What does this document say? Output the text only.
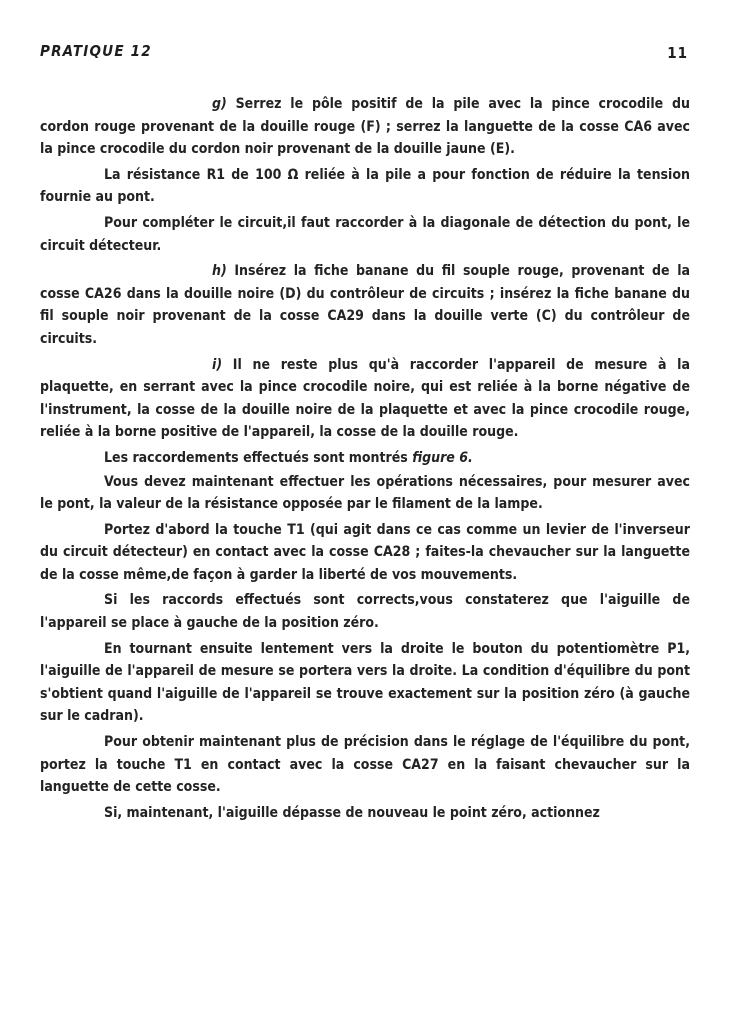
PRATIQUE 12	11

g) Serrez le pôle positif de la pile avec la pince crocodile du cordon rouge provenant de la douille rouge (F) ; serrez la languette de la cosse CA6 avec la pince crocodile du cordon noir provenant de la douille jaune (E).

La résistance R1 de 100 Ω reliée à la pile a pour fonction de réduire la tension fournie au pont.

Pour compléter le circuit,il faut raccorder à la diagonale de détection du pont, le circuit détecteur.

h) Insérez la fiche banane du fil souple rouge, provenant de la cosse CA26 dans la douille noire (D) du contrôleur de circuits ; insérez la fiche banane du fil souple noir provenant de la cosse CA29 dans la douille verte (C) du contrôleur de circuits.

i) Il ne reste plus qu'à raccorder l'appareil de mesure à la plaquette, en serrant avec la pince crocodile noire, qui est reliée à la borne négative de l'instrument, la cosse de la douille noire de la plaquette et avec la pince crocodile rouge, reliée à la borne positive de l'appareil, la cosse de la douille rouge.

Les raccordements effectués sont montrés figure 6.

Vous devez maintenant effectuer les opérations nécessaires, pour mesurer avec le pont, la valeur de la résistance opposée par le filament de la lampe.

Portez d'abord la touche T1 (qui agit dans ce cas comme un levier de l'inverseur du circuit détecteur) en contact avec la cosse CA28 ; faites-la chevaucher sur la languette de la cosse même,de façon à garder la liberté de vos mouvements.

Si les raccords effectués sont corrects,vous constaterez que l'aiguille de l'appareil se place à gauche de la position zéro.

En tournant ensuite lentement vers la droite le bouton du potentiomètre P1, l'aiguille de l'appareil de mesure se portera vers la droite. La condition d'équilibre du pont s'obtient quand l'aiguille de l'appareil se trouve exactement sur la position zéro (à gauche sur le cadran).

Pour obtenir maintenant plus de précision dans le réglage de l'équilibre du pont, portez la touche T1 en contact avec la cosse CA27 en la faisant chevaucher sur la languette de cette cosse.

Si, maintenant, l'aiguille dépasse de nouveau le point zéro, actionnez
